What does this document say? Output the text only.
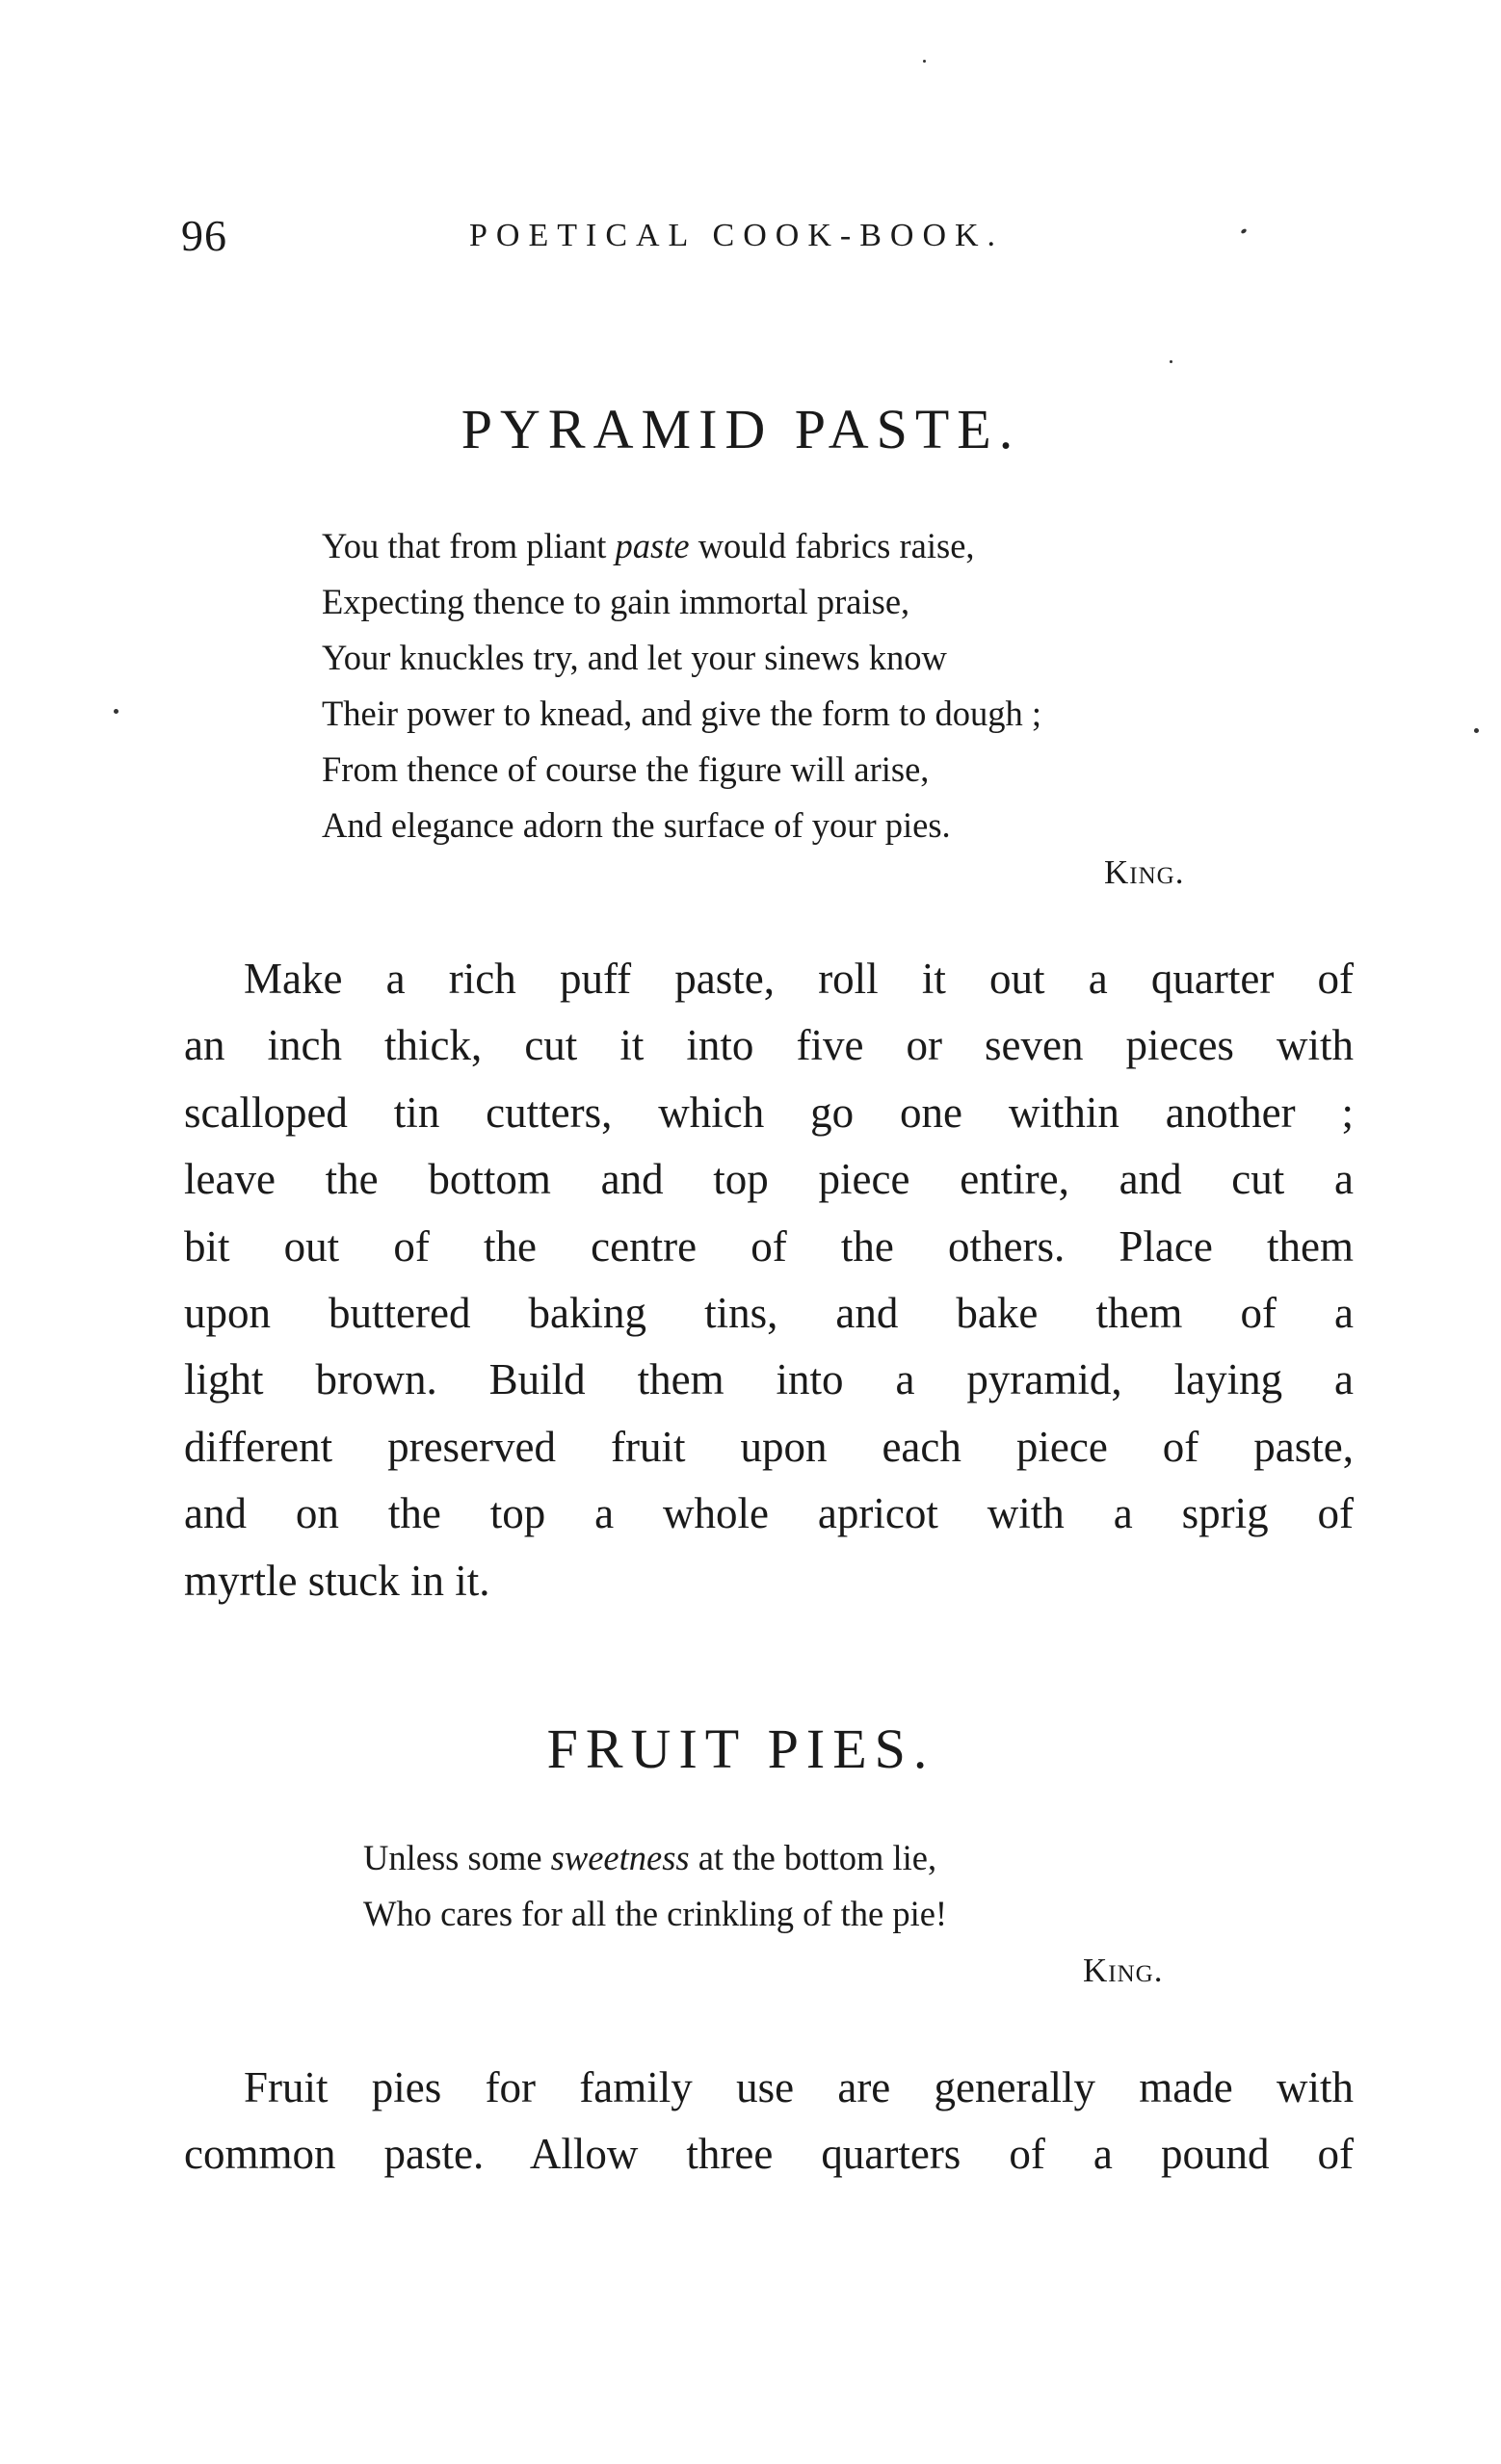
96	POETICAL COOK-BOOK.
PYRAMID PASTE.
You that from pliant paste would fabrics raise,
Expecting thence to gain immortal praise,
Your knuckles try, and let your sinews know
Their power to knead, and give the form to dough ;
From thence of course the figure will arise,
And elegance adorn the surface of your pies.
King.
Make a rich puff paste, roll it out a quarter of
an inch thick, cut it into five or seven pieces with
scalloped tin cutters, which go one within another ;
leave the bottom and top piece entire, and cut a
bit out of the centre of the others. Place them
upon buttered baking tins, and bake them of a
light brown. Build them into a pyramid, laying a
different preserved fruit upon each piece of paste,
and on the top a whole apricot with a sprig of
myrtle stuck in it.
FRUIT PIES.
Unless some sweetness at the bottom lie,
Who cares for all the crinkling of the pie!
King.
Fruit pies for family use are generally made with
common paste. Allow three quarters of a pound of
